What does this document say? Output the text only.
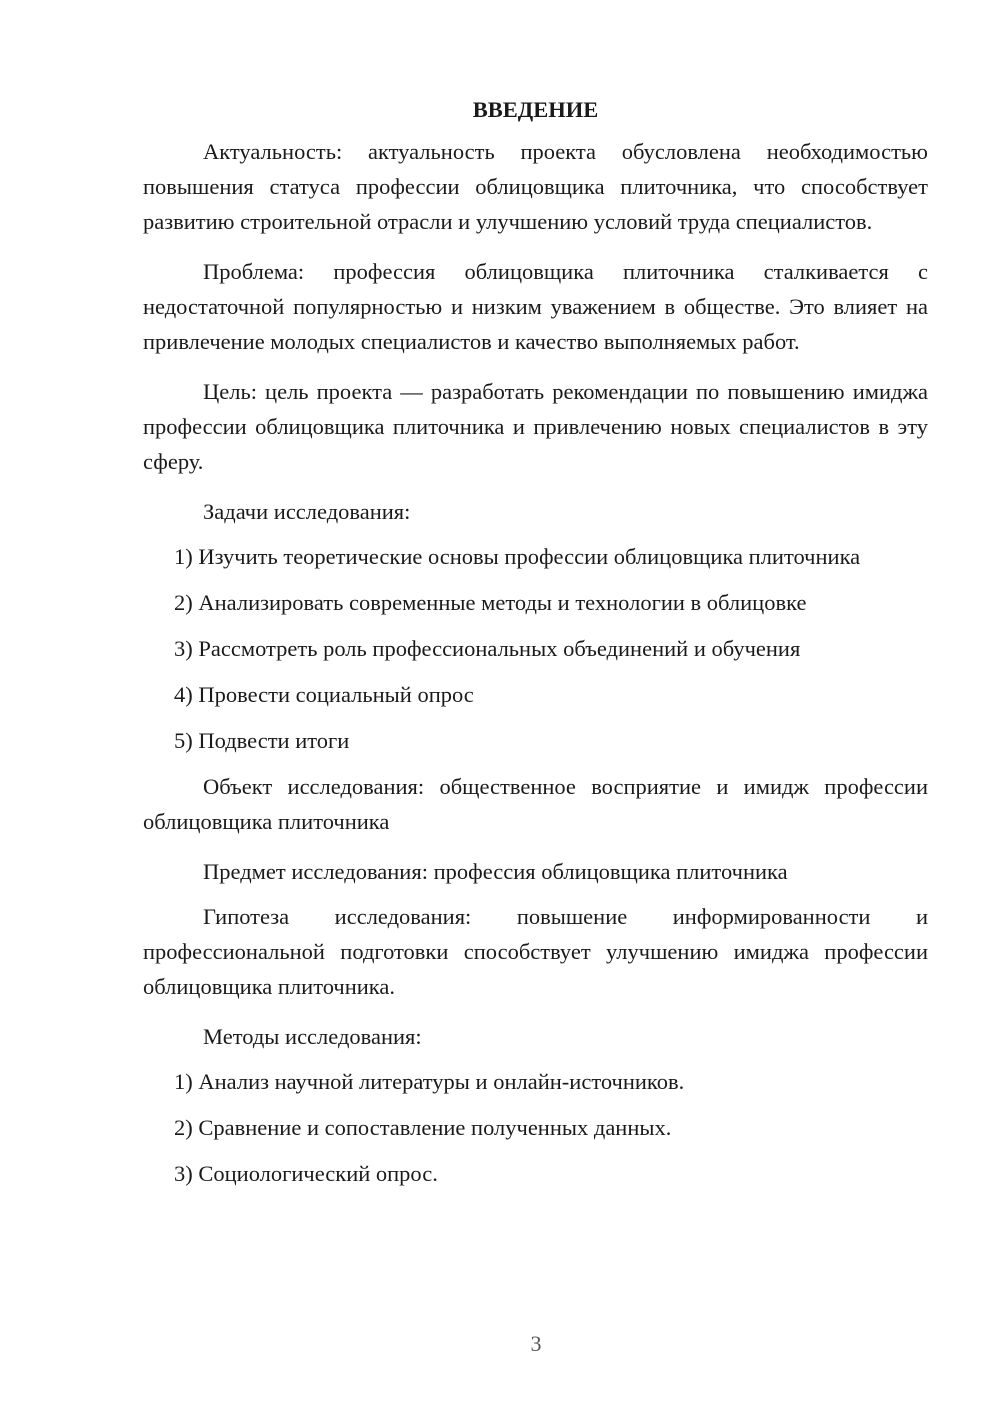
ВВЕДЕНИЕ

Актуальность: актуальность проекта обусловлена необходимостью повышения статуса профессии облицовщика плиточника, что способствует развитию строительной отрасли и улучшению условий труда специалистов.

Проблема: профессия облицовщика плиточника сталкивается с недостаточной популярностью и низким уважением в обществе. Это влияет на привлечение молодых специалистов и качество выполняемых работ.

Цель: цель проекта — разработать рекомендации по повышению имиджа профессии облицовщика плиточника и привлечению новых специалистов в эту сферу.

Задачи исследования:

1) Изучить теоретические основы профессии облицовщика плиточника

2) Анализировать современные методы и технологии в облицовке

3) Рассмотреть роль профессиональных объединений и обучения

4) Провести социальный опрос

5) Подвести итоги

Объект исследования: общественное восприятие и имидж профессии облицовщика плиточника

Предмет исследования: профессия облицовщика плиточника

Гипотеза исследования: повышение информированности и профессиональной подготовки способствует улучшению имиджа профессии облицовщика плиточника.

Методы исследования:

1) Анализ научной литературы и онлайн-источников.

2) Сравнение и сопоставление полученных данных.

3) Социологический опрос.

3
